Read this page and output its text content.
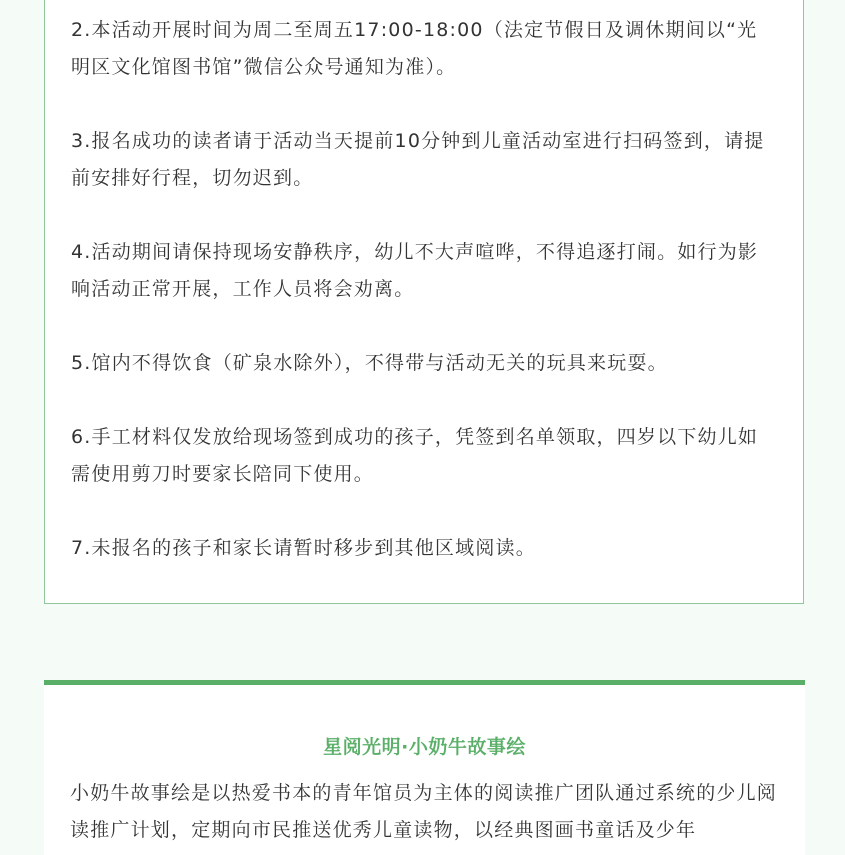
2.本活动开展时间为周二至周五17:00-18:00（法定节假日及调休期间以“光明区文化馆图书馆”微信公众号通知为准）。

3.报名成功的读者请于活动当天提前10分钟到儿童活动室进行扫码签到，请提前安排好行程，切勿迟到。

4.活动期间请保持现场安静秩序，幼儿不大声喧哗，不得追逐打闹。如行为影响活动正常开展，工作人员将会劝离。

5.馆内不得饮食（矿泉水除外），不得带与活动无关的玩具来玩耍。

6.手工材料仅发放给现场签到成功的孩子，凭签到名单领取，四岁以下幼儿如需使用剪刀时要家长陪同下使用。

7.未报名的孩子和家长请暂时移步到其他区域阅读。

星阅光明·小奶牛故事绘

小奶牛故事绘是以热爱书本的青年馆员为主体的阅读推广团队通过系统的少儿阅读推广计划，定期向市民推送优秀儿童读物，以经典图画书童话及少年
